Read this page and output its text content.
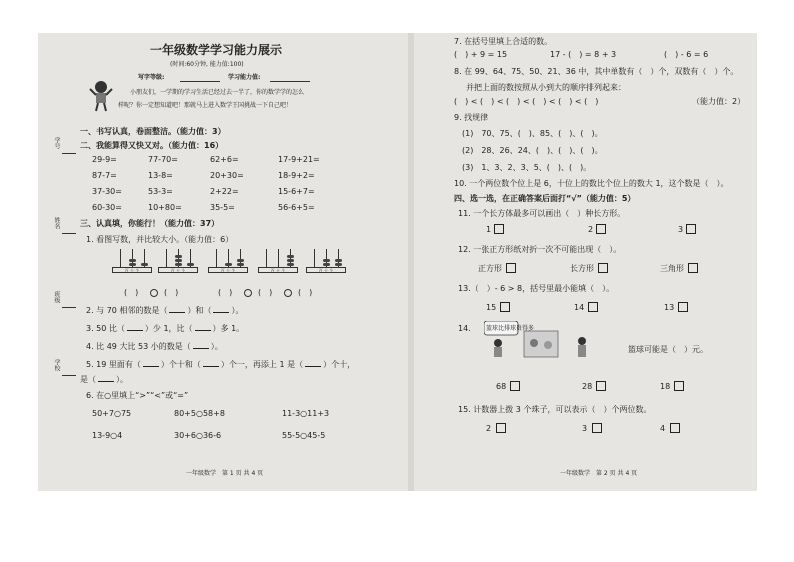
学号
姓名
班级
学校
一年级数学学习能力展示
(时间:60分钟, 能力值:100)
写字等级:	学习能力值:
小朋友们，一学期的学习生活已经过去一半了，你的数学学的怎么
样呢？你一定想知道吧！那就马上进入数学王国挑战一下自己吧！
一、书写认真，卷面整洁。（能力值：3）
二、我能算得又快又对。（能力值：16）
29-9=	77-70=	62+6=	17-9+21=
87-7=	13-8=	20+30=	18-9+2=
37-30=	53-3=	2+22=	15-6+7=
60-30=	10+80=	35-5=	56-6+5=
三、认真填，你能行！（能力值：37）
1. 看图写数，并比较大小。（能力值：6）
百 十 个	百 十 个	百 十 个	百 十 个	百 十 个
(　)	(　)	(　)	(　)	(　)
2. 与 70 相邻的数是（	）和（	）。
3. 50 比（	）少 1，比（	）多 1。
4. 比 49 大比 53 小的数是（	）。
5. 19 里面有（	）个十和（	）个一，再添上 1 是（	）个十，
是（	）。
6. 在○里填上“>”“<”或“=”
50+7○75	80+5○58+8	11-3○11+3
13-9○4	30+6○36-6	55-5○45-5
一年级数学　第 1 页 共 4 页
7. 在括号里填上合适的数。
(　) + 9 = 15	17 - (　) = 8 + 3	(　) - 6 = 6
8. 在 99、64、75、50、21、36 中，其中单数有（　）个，双数有（　）个。
并把上面的数按照从小到大的顺序排列起来：
(　) < (　) < (　) < (　) < (　) < (　)	（能力值：2）
9. 找规律
(1)　70、75、(　)、85、(　)、(　)。
(2)　28、26、24、(　)、(　)、(　)。
(3)　1、3、2、3、5、(　)、(　)。
10. 一个两位数个位上是 6，十位上的数比个位上的数大 1，这个数是（　）。
四、选一选，在正确答案后面打“√”（能力值：5）
11. 一个长方体最多可以画出（　）种长方形。
1	2	3
12. 一张正方形纸对折一次不可能出现（　）。
正方形	长方形	三角形
13.（　）- 6 > 8，括号里最小能填（　）。
15	14	13
14.	篮球比排球贵得多
篮球可能是（　）元。
68	28	18
15. 计数器上拨 3 个珠子，可以表示（　）个两位数。
2	3	4
一年级数学　第 2 页 共 4 页
